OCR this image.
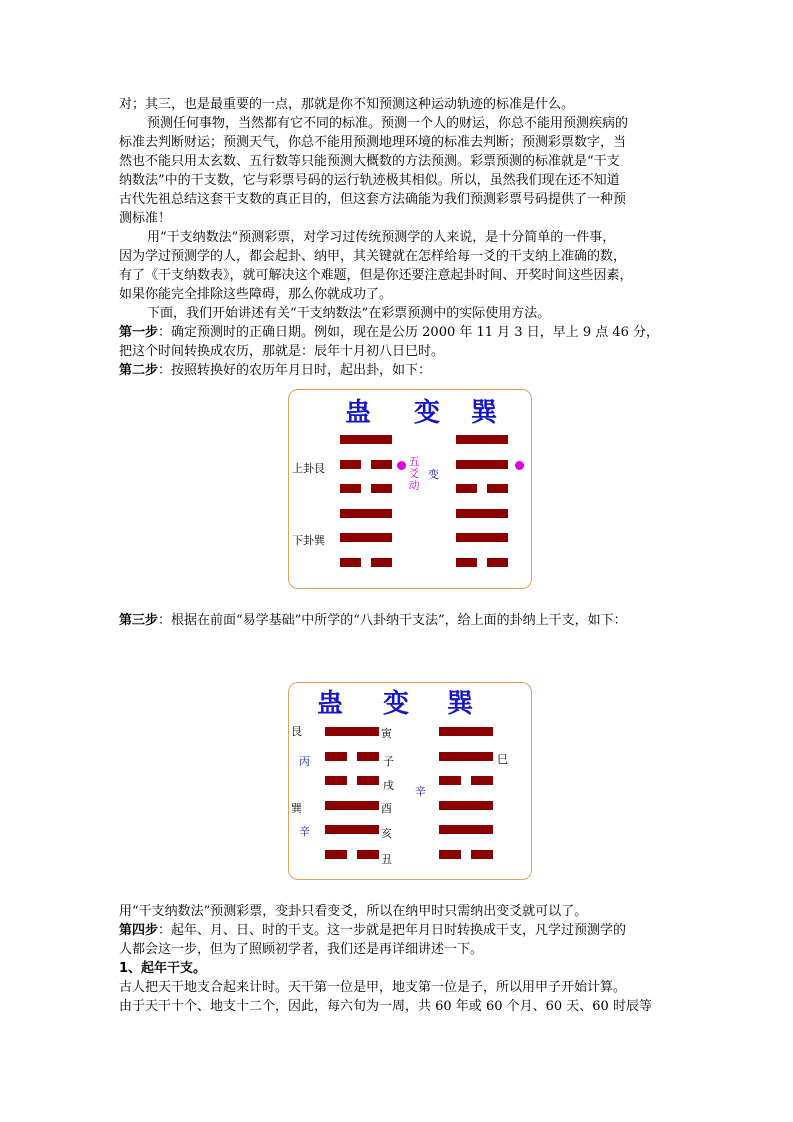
对；其三，也是最重要的一点，那就是你不知预测这种运动轨迹的标准是什么。
预测任何事物，当然都有它不同的标准。预测一个人的财运，你总不能用预测疾病的
标准去判断财运；预测天气，你总不能用预测地理环境的标准去判断；预测彩票数字，当
然也不能只用太玄数、五行数等只能预测大概数的方法预测。彩票预测的标准就是“干支
纳数法”中的干支数，它与彩票号码的运行轨迹极其相似。所以，虽然我们现在还不知道
古代先祖总结这套干支数的真正目的，但这套方法确能为我们预测彩票号码提供了一种预
测标准！
用“干支纳数法”预测彩票，对学习过传统预测学的人来说，是十分简单的一件事，
因为学过预测学的人，都会起卦、纳甲，其关键就在怎样给每一爻的干支纳上准确的数，
有了《干支纳数表》，就可解决这个难题，但是你还要注意起卦时间、开奖时间这些因素，
如果你能完全排除这些障碍，那么你就成功了。
下面，我们开始讲述有关“干支纳数法”在彩票预测中的实际使用方法。
第一步：确定预测时的正确日期。例如，现在是公历 2000 年 11 月 3 日，早上 9 点 46 分，
把这个时间转换成农历，那就是：辰年十月初八日巳时。
第二步：按照转换好的农历年月日时，起出卦，如下：
蛊 变 巽
上卦艮
下卦巽
五爻动
变
第三步：根据在前面“易学基础”中所学的“八卦纳干支法”，给上面的卦纳上干支，如下：
蛊 变 巽
艮
丙
巽
辛
辛
寅
子
戌
酉
亥
丑
巳
用“干支纳数法”预测彩票，变卦只看变爻，所以在纳甲时只需纳出变爻就可以了。
第四步：起年、月、日、时的干支。这一步就是把年月日时转换成干支，凡学过预测学的
人都会这一步，但为了照顾初学者，我们还是再详细讲述一下。
1、起年干支。
古人把天干地支合起来计时。天干第一位是甲，地支第一位是子，所以用甲子开始计算。
由于天干十个、地支十二个，因此，每六旬为一周，共 60 年或 60 个月、60 天、60 时辰等
